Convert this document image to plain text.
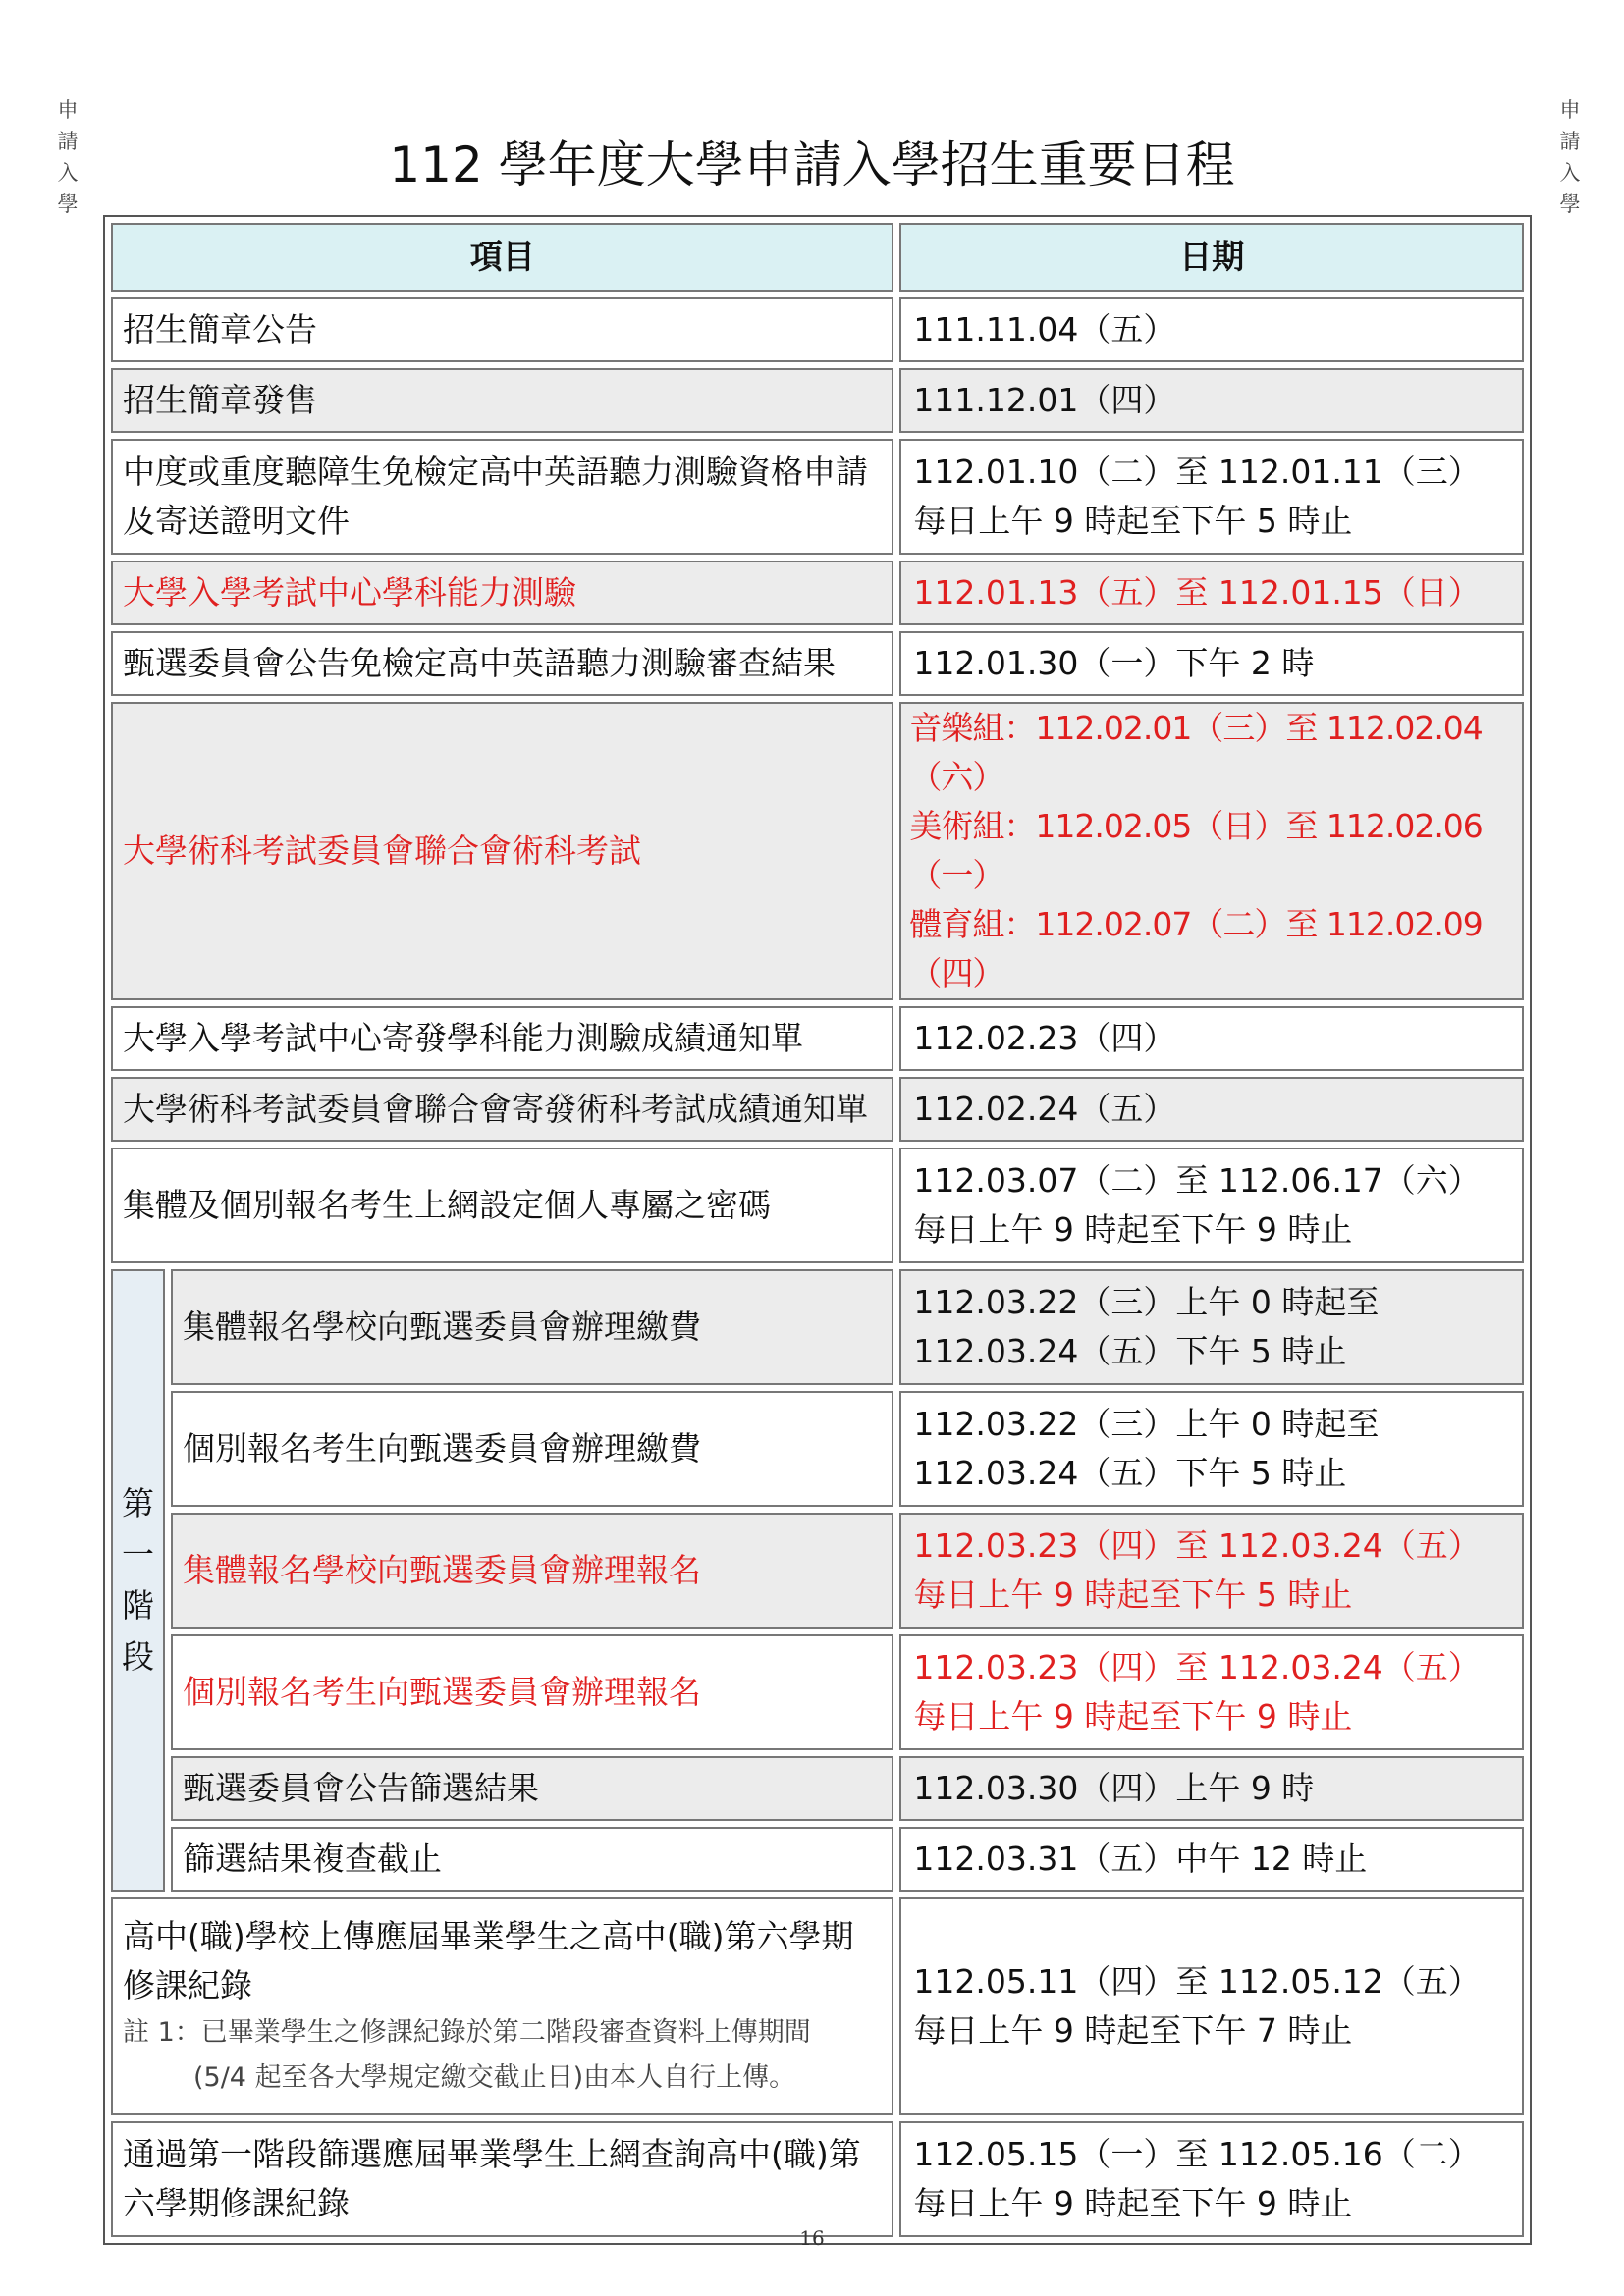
申
請
入
學
申
請
入
學
112 學年度大學申請入學招生重要日程
項目		日期
招生簡章公告		111.11.04（五）
招生簡章發售		111.12.01（四）
中度或重度聽障生免檢定高中英語聽力測驗資格申請及寄送證明文件		112.01.10（二）至 112.01.11（三）
每日上午 9 時起至下午 5 時止

大學入學考試中心學科能力測驗		112.01.13（五）至 112.01.15（日）
甄選委員會公告免檢定高中英語聽力測驗審查結果		112.01.30（一）下午 2 時
大學術科考試委員會聯合會術科考試		音樂組：112.02.01（三）至 112.02.04（六）
美術組：112.02.05（日）至 112.02.06（一）
體育組：112.02.07（二）至 112.02.09（四）

大學入學考試中心寄發學科能力測驗成績通知單		112.02.23（四）
大學術科考試委員會聯合會寄發術科考試成績通知單		112.02.24（五）
集體及個別報名考生上網設定個人專屬之密碼		112.03.07（二）至 112.06.17（六）
每日上午 9 時起至下午 9 時止

第
一
階
段	集體報名學校向甄選委員會辦理繳費	112.03.22（三）上午 0 時起至
112.03.24（五）下午 5 時止

	個別報名考生向甄選委員會辦理繳費	112.03.22（三）上午 0 時起至
112.03.24（五）下午 5 時止

	集體報名學校向甄選委員會辦理報名	112.03.23（四）至 112.03.24（五）
每日上午 9 時起至下午 5 時止

	個別報名考生向甄選委員會辦理報名	112.03.23（四）至 112.03.24（五）
每日上午 9 時起至下午 9 時止

	甄選委員會公告篩選結果	112.03.30（四）上午 9 時
	篩選結果複查截止	112.03.31（五）中午 12 時止

高中(職)學校上傳應屆畢業學生之高中(職)第六學期
修課紀錄
註 1：已畢業學生之修課紀錄於第二階段審查資料上傳期間
(5/4 起至各大學規定繳交截止日)由本人自行上傳。		112.05.11（四）至 112.05.12（五）
每日上午 9 時起至下午 7 時止

通過第一階段篩選應屆畢業學生上網查詢高中(職)第
六學期修課紀錄		112.05.15（一）至 112.05.16（二）
每日上午 9 時起至下午 9 時止
16
